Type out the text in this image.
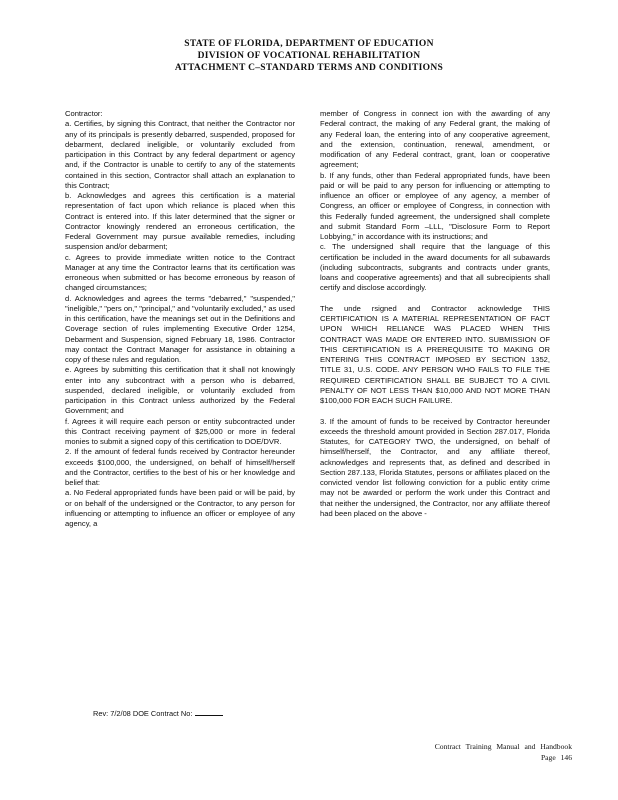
STATE OF FLORIDA, DEPARTMENT OF EDUCATION
DIVISION OF VOCATIONAL REHABILITATION
ATTACHMENT C–STANDARD TERMS AND CONDITIONS

Contractor:

a. Certifies, by signing this Contract, that neither the Contractor nor any of its principals is presently debarred, suspended, proposed for debarment, declared ineligible, or voluntarily excluded from participation in this Contract by any federal department or agency and, if the Contractor is unable to certify to any of the statements contained in this section, Contractor shall attach an explanation to this Contract;

b. Acknowledges and agrees this certification is a material representation of fact upon which reliance is placed when this Contract is entered into. If this later determined that the signer or Contractor knowingly rendered an erroneous certification, the Federal Government may pursue available remedies, including suspension and/or debarment;

c. Agrees to provide immediate written notice to the Contract Manager at any time the Contractor learns that its certification was erroneous when submitted or has become erroneous by reason of changed circumstances;

d. Acknowledges and agrees the terms "debarred," "suspended," "ineligible," "pers on," "principal," and "voluntarily excluded," as used in this certification, have the meanings set out in the Definitions and Coverage section of rules implementing Executive Order 1254, Debarment and Suspension, signed February 18, 1986. Contractor may contact the Contract Manager for assistance in obtaining a copy of these rules and regulation.

e. Agrees by submitting this certification that it shall not knowingly enter into any subcontract with a person who is debarred, suspended, declared ineligible, or voluntarily excluded from participation in this Contract unless authorized by the Federal Government; and

f. Agrees it will require each person or entity subcontracted under this Contract receiving payment of $25,000 or more in federal monies to submit a signed copy of this certification to DOE/DVR.

2. If the amount of federal funds received by Contractor hereunder exceeds $100,000, the undersigned, on behalf of himself/herself and the Contractor, certifies to the best of his or her knowledge and belief that:

a. No Federal appropriated funds have been paid or will be paid, by or on behalf of the undersigned or the Contractor, to any person for influencing or attempting to influence an officer or employee of any agency, a

member of Congress in connect ion with the awarding of any Federal contract, the making of any Federal grant, the making of any Federal loan, the entering into of any cooperative agreement, and the extension, continuation, renewal, amendment, or modification of any Federal contract, grant, loan or cooperative agreement;

b. If any funds, other than Federal appropriated funds, have been paid or will be paid to any person for influencing or attempting to influence an officer or employee of any agency, a member of Congress, an officer or employee of Congress, in connection with this Federally funded agreement, the undersigned shall complete and submit Standard Form –LLL, "Disclosure Form to Report Lobbying," in accordance with its instructions; and

c. The undersigned shall require that the language of this certification be included in the award documents for all subawards (including subcontracts, subgrants and contracts under grants, loans and cooperative agreements) and that all subrecipients shall certify and disclose accordingly.

The unde rsigned and Contractor acknowledge THIS CERTIFICATION IS A MATERIAL REPRESENTATION OF FACT UPON WHICH RELIANCE WAS PLACED WHEN THIS CONTRACT WAS MADE OR ENTERED INTO. SUBMISSION OF THIS CERTIFICATION IS A PREREQUISITE TO MAKING OR ENTERING THIS CONTRACT IMPOSED BY SECTION 1352, TITLE 31, U.S. CODE. ANY PERSON WHO FAILS TO FILE THE REQUIRED CERTIFICATION SHALL BE SUBJECT TO A CIVIL PENALTY OF NOT LESS THAN $10,000 AND NOT MORE THAN $100,000 FOR EACH SUCH FAILURE.

3. If the amount of funds to be received by Contractor hereunder exceeds the threshold amount provided in Section 287.017, Florida Statutes, for CATEGORY TWO, the undersigned, on behalf of himself/herself, the Contractor, and any affiliate thereof, acknowledges and represents that, as defined and described in Section 287.133, Florida Statutes, persons or affiliates placed on the convicted vendor list following conviction for a public entity crime may not be awarded or perform the work under this Contract and that neither the undersigned, the Contractor, nor any affiliate thereof had been placed on the above -

Rev: 7/2/08 DOE Contract No:
Contract Training Manual and Handbook
Page 146
